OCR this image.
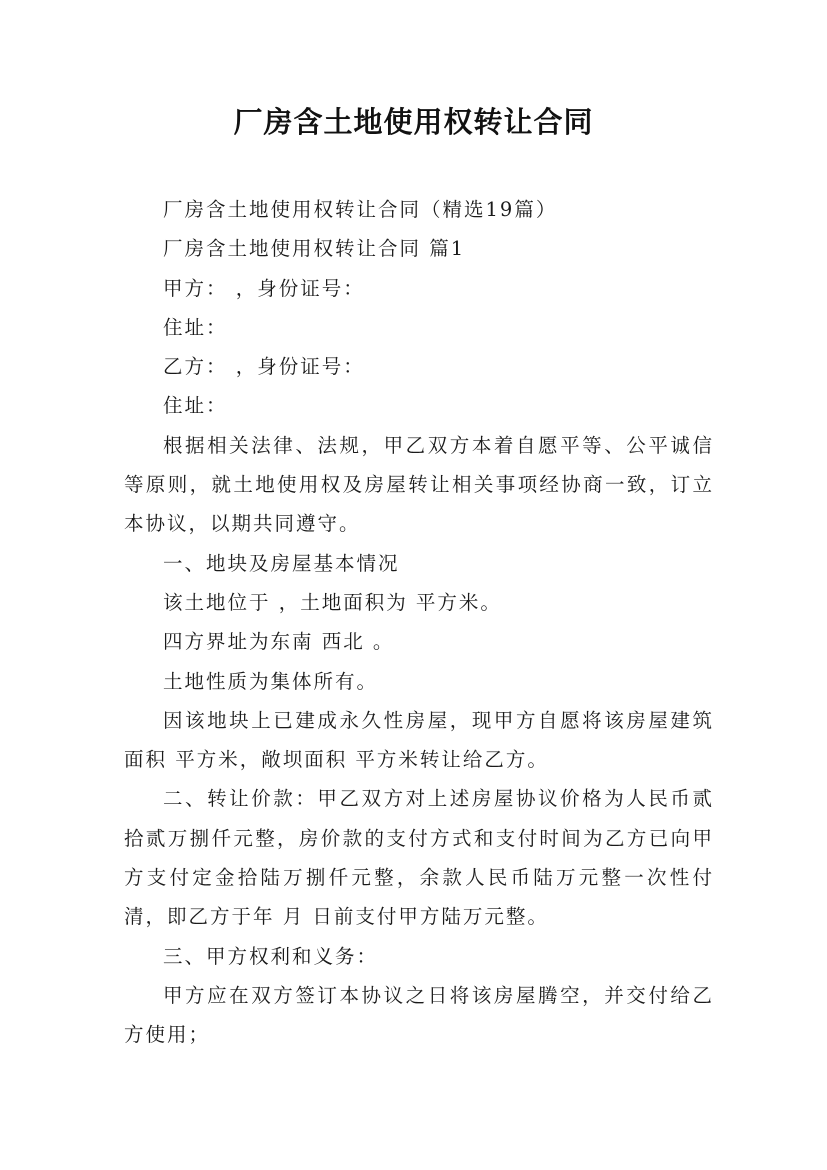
厂房含土地使用权转让合同

厂房含土地使用权转让合同（精选19篇）

厂房含土地使用权转让合同 篇1

甲方： ，身份证号：

住址：

乙方： ，身份证号：

住址：

根据相关法律、法规，甲乙双方本着自愿平等、公平诚信等原则，就土地使用权及房屋转让相关事项经协商一致，订立本协议，以期共同遵守。

一、地块及房屋基本情况

该土地位于 ，土地面积为 平方米。

四方界址为东南 西北 。

土地性质为集体所有。

因该地块上已建成永久性房屋，现甲方自愿将该房屋建筑面积 平方米，敞坝面积 平方米转让给乙方。

二、转让价款：甲乙双方对上述房屋协议价格为人民币贰拾贰万捌仟元整，房价款的支付方式和支付时间为乙方已向甲方支付定金拾陆万捌仟元整，余款人民币陆万元整一次性付清，即乙方于年 月 日前支付甲方陆万元整。

三、甲方权利和义务：

甲方应在双方签订本协议之日将该房屋腾空，并交付给乙方使用；
